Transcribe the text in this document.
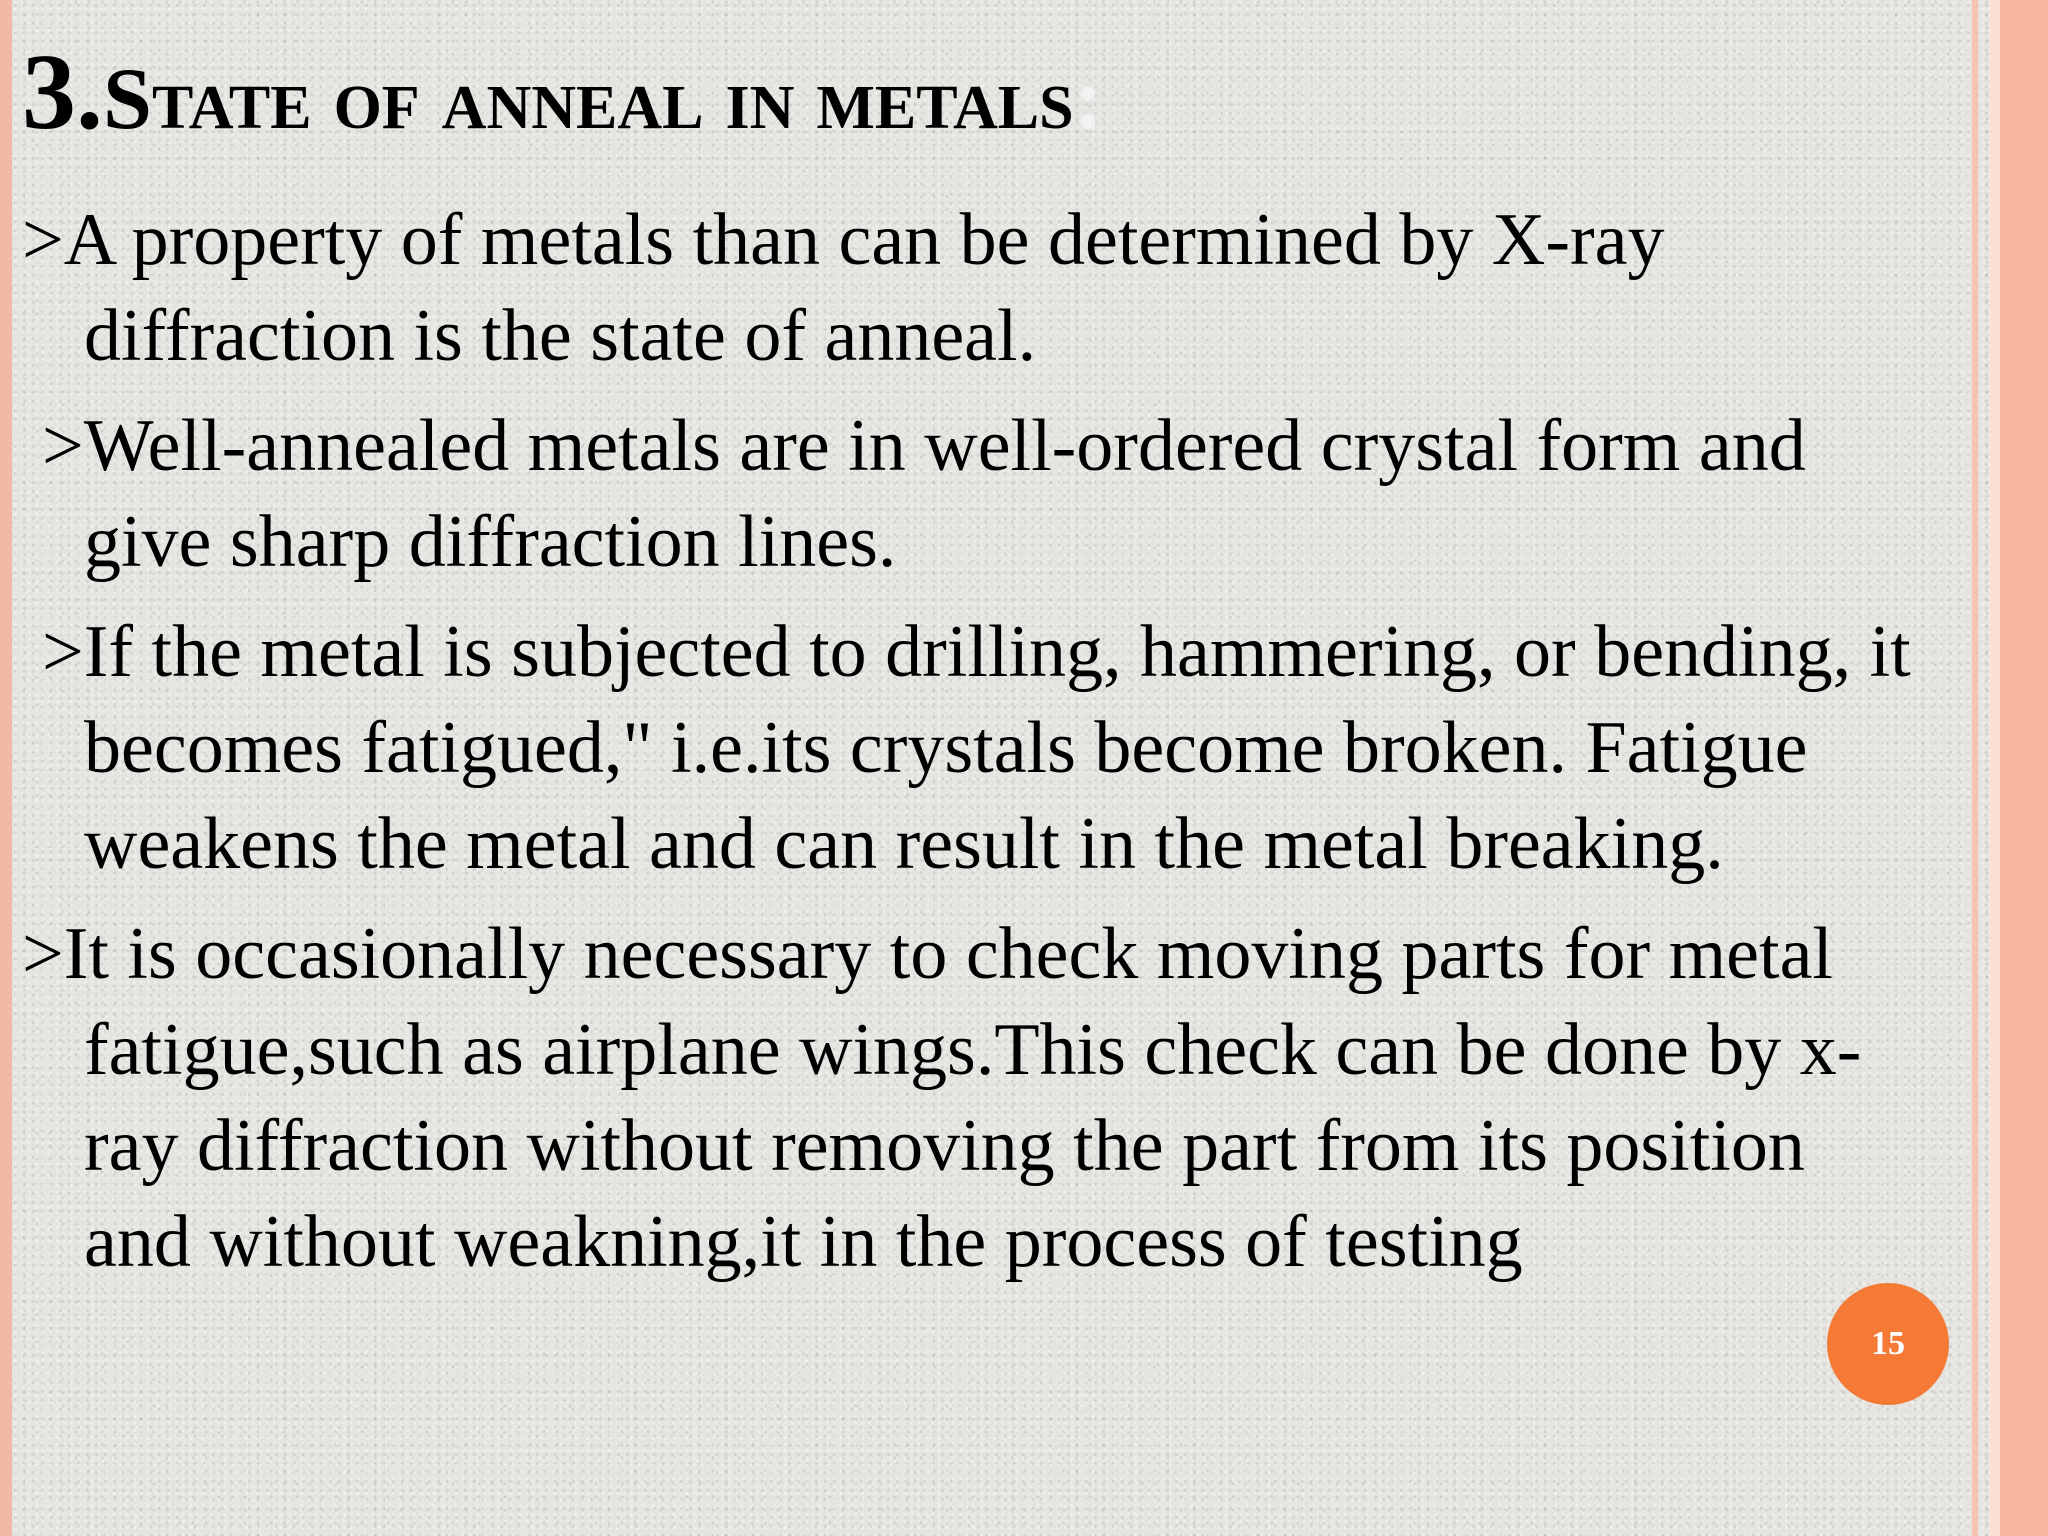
3.State of anneal in metals:

>A property of metals than can be determined by X-ray diffraction is the state of anneal.

>Well-annealed metals are in well-ordered crystal form and give sharp diffraction lines.

>If the metal is subjected to drilling, hammering, or bending, it becomes fatigued," i.e.its crystals become broken. Fatigue weakens the metal and can result in the metal breaking.

>It is occasionally necessary to check moving parts for metal fatigue,such as airplane wings.This check can be done by x-ray diffraction without removing the part from its position and without weakning,it in the process of testing

15
